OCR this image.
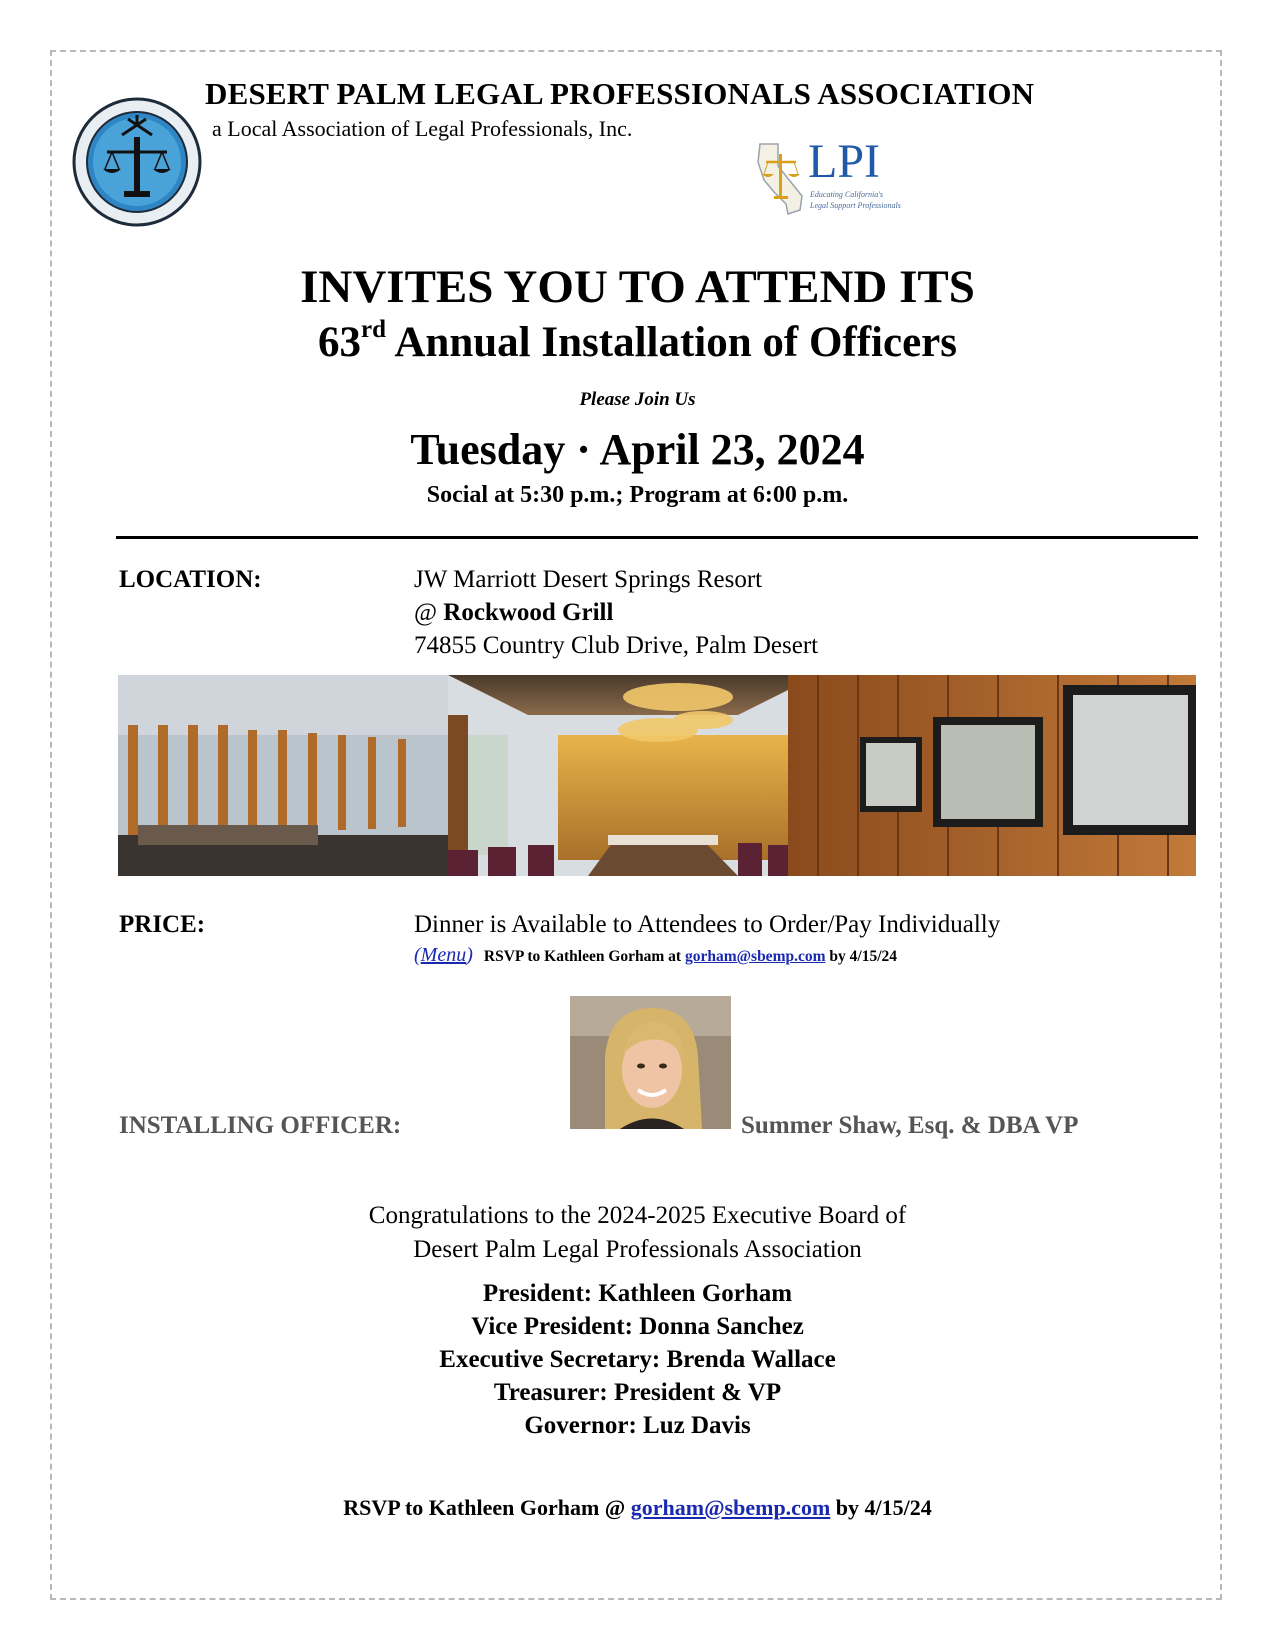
DESERT PALM LEGAL PROFESSIONALS ASSOCIATION
a Local Association of Legal Professionals, Inc.
LPI
Educating California's
Legal Support Professionals
INVITES YOU TO ATTEND ITS
63rd Annual Installation of Officers
Please Join Us
Tuesday · April 23, 2024
Social at 5:30 p.m.; Program at 6:00 p.m.
LOCATION:	JW Marriott Desert Springs Resort
@ Rockwood Grill
74855 Country Club Drive, Palm Desert
PRICE:	Dinner is Available to Attendees to Order/Pay Individually
(Menu) RSVP to Kathleen Gorham at gorham@sbemp.com by 4/15/24
INSTALLING OFFICER:	Summer Shaw, Esq. & DBA VP
Congratulations to the 2024-2025 Executive Board of
Desert Palm Legal Professionals Association
President: Kathleen Gorham
Vice President: Donna Sanchez
Executive Secretary: Brenda Wallace
Treasurer: President & VP
Governor: Luz Davis
RSVP to Kathleen Gorham @ gorham@sbemp.com by 4/15/24
